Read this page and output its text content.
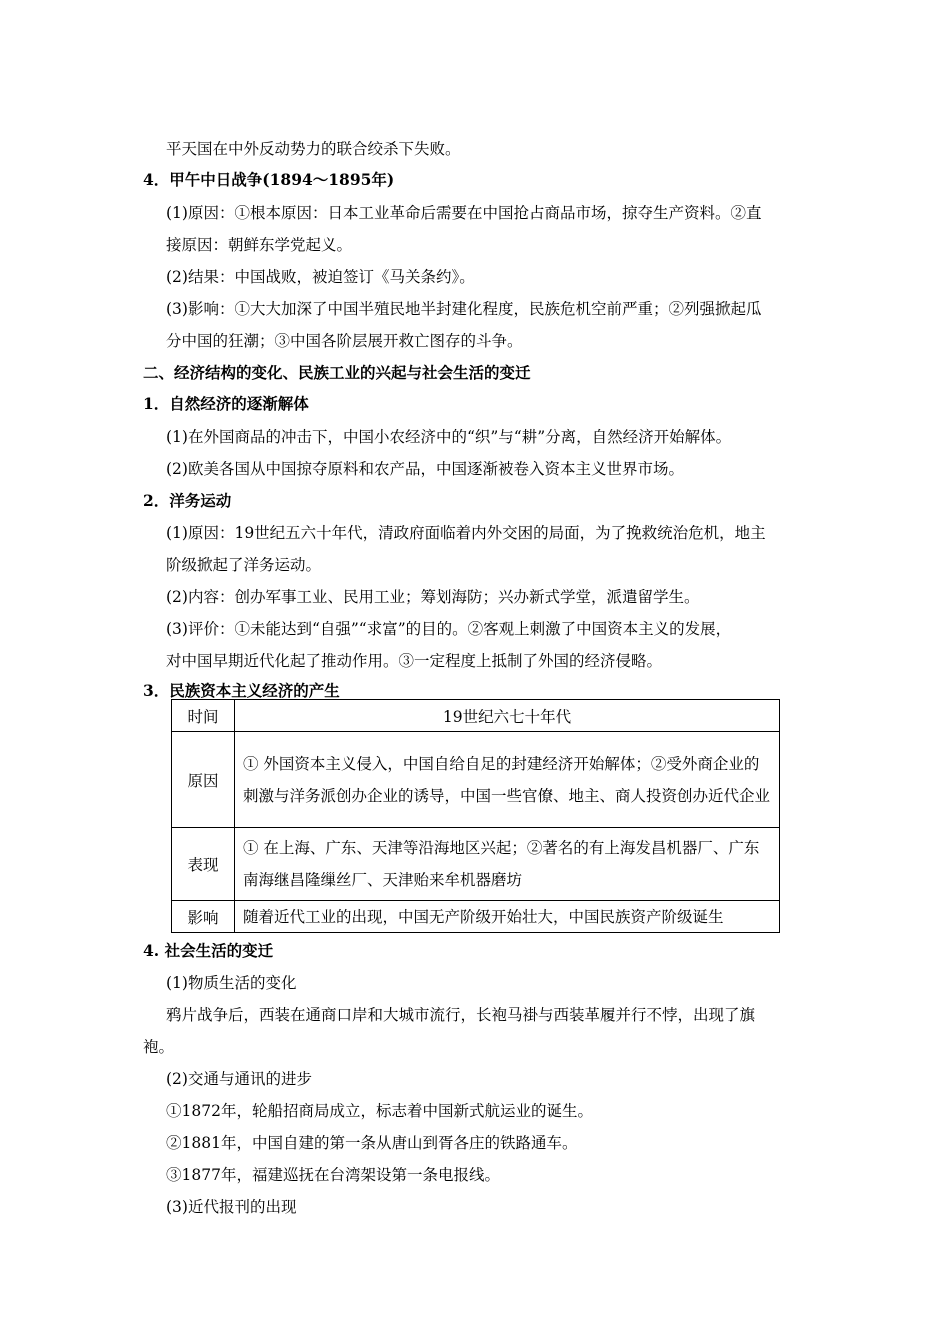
平天国在中外反动势力的联合绞杀下失败。
4．甲午中日战争(1894～1895年)
(1)原因：①根本原因：日本工业革命后需要在中国抢占商品市场，掠夺生产资料。②直
接原因：朝鲜东学党起义。
(2)结果：中国战败，被迫签订《马关条约》。
(3)影响：①大大加深了中国半殖民地半封建化程度，民族危机空前严重；②列强掀起瓜
分中国的狂潮；③中国各阶层展开救亡图存的斗争。
二、经济结构的变化、民族工业的兴起与社会生活的变迁
1．自然经济的逐渐解体
(1)在外国商品的冲击下，中国小农经济中的“织”与“耕”分离，自然经济开始解体。
(2)欧美各国从中国掠夺原料和农产品，中国逐渐被卷入资本主义世界市场。
2．洋务运动
(1)原因：19世纪五六十年代，清政府面临着内外交困的局面，为了挽救统治危机，地主
阶级掀起了洋务运动。
(2)内容：创办军事工业、民用工业；筹划海防；兴办新式学堂，派遣留学生。
(3)评价：①未能达到“自强”“求富”的目的。②客观上刺激了中国资本主义的发展，
对中国早期近代化起了推动作用。③一定程度上抵制了外国的经济侵略。
3．民族资本主义经济的产生
时间	19世纪六七十年代
原因	① 外国资本主义侵入，中国自给自足的封建经济开始解体；②受外商企业的刺激与洋务派创办企业的诱导，中国一些官僚、地主、商人投资创办近代企业
表现	① 在上海、广东、天津等沿海地区兴起；②著名的有上海发昌机器厂、广东南海继昌隆缫丝厂、天津贻来牟机器磨坊
影响	随着近代工业的出现，中国无产阶级开始壮大，中国民族资产阶级诞生
4. 社会生活的变迁
(1)物质生活的变化
鸦片战争后，西装在通商口岸和大城市流行，长袍马褂与西装革履并行不悖，出现了旗
袍。
(2)交通与通讯的进步
①1872年，轮船招商局成立，标志着中国新式航运业的诞生。
②1881年，中国自建的第一条从唐山到胥各庄的铁路通车。
③1877年，福建巡抚在台湾架设第一条电报线。
(3)近代报刊的出现
